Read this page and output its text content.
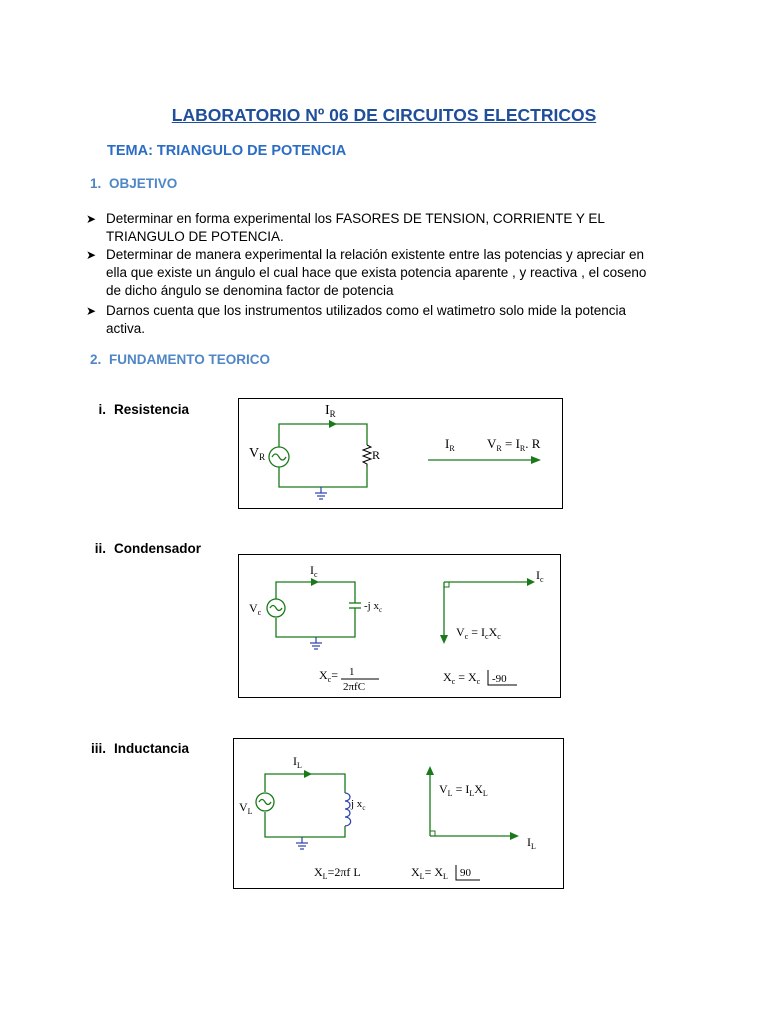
LABORATORIO Nº 06 DE CIRCUITOS ELECTRICOS
TEMA: TRIANGULO DE POTENCIA
1. OBJETIVO
➤ Determinar en forma experimental los FASORES DE TENSION, CORRIENTE Y EL
TRIANGULO DE POTENCIA.
➤ Determinar de manera experimental la relación existente entre las potencias y apreciar en
ella que existe un ángulo el cual hace que exista potencia aparente , y reactiva , el coseno
de dicho ángulo se denomina factor de potencia
➤ Darnos cuenta que los instrumentos utilizados como el watimetro solo mide la potencia
activa.
2. FUNDAMENTO TEORICO
i. Resistencia
ii. Condensador
iii. Inductancia
$I_R$
$V_R$	R
$I_R$ $V_R = I_R$. R
$I_c$
$V_c$
-j $x_c$
$I_c$
$V_c = I_cX_c$
$X_c= 1$
2πfC
$X_c = X_c$ -90
$I_L$
$V_L$
j $x_c$
$V_L = I_LX_L$
$I_L$
$X_L=2\pi f$ L	$X_L= X_L$ 90
